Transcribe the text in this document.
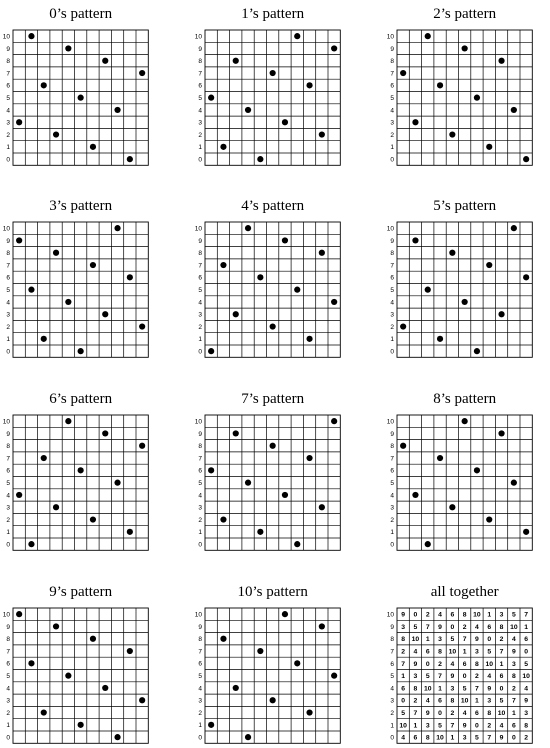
0’s pattern
0
1
2
3
4
5
6
7
8
9
10
1’s pattern
0
1
2
3
4
5
6
7
8
9
10
2’s pattern
0
1
2
3
4
5
6
7
8
9
10
3’s pattern
0
1
2
3
4
5
6
7
8
9
10
4’s pattern
0
1
2
3
4
5
6
7
8
9
10
5’s pattern
0
1
2
3
4
5
6
7
8
9
10
6’s pattern
0
1
2
3
4
5
6
7
8
9
10
7’s pattern
0
1
2
3
4
5
6
7
8
9
10
8’s pattern
0
1
2
3
4
5
6
7
8
9
10
9’s pattern
0
1
2
3
4
5
6
7
8
9
10
10’s pattern
0
1
2
3
4
5
6
7
8
9
10
all together
10 9 0 2 4 6 8 10 1 3 5 7
9 3 5 7 9 0 2 4 6 8 10 1
8 8 10 1 3 5 7 9 0 2 4 6
7 2 4 6 8 10 1 3 5 7 9 0
6 7 9 0 2 4 6 8 10 1 3 5
5 1 3 5 7 9 0 2 4 6 8 10
4 6 8 10 1 3 5 7 9 0 2 4
3 0 2 4 6 8 10 1 3 5 7 9
2 5 7 9 0 2 4 6 8 10 1 3
1 10 1 3 5 7 9 0 2 4 6 8
0 4 6 8 10 1 3 5 7 9 0 2
